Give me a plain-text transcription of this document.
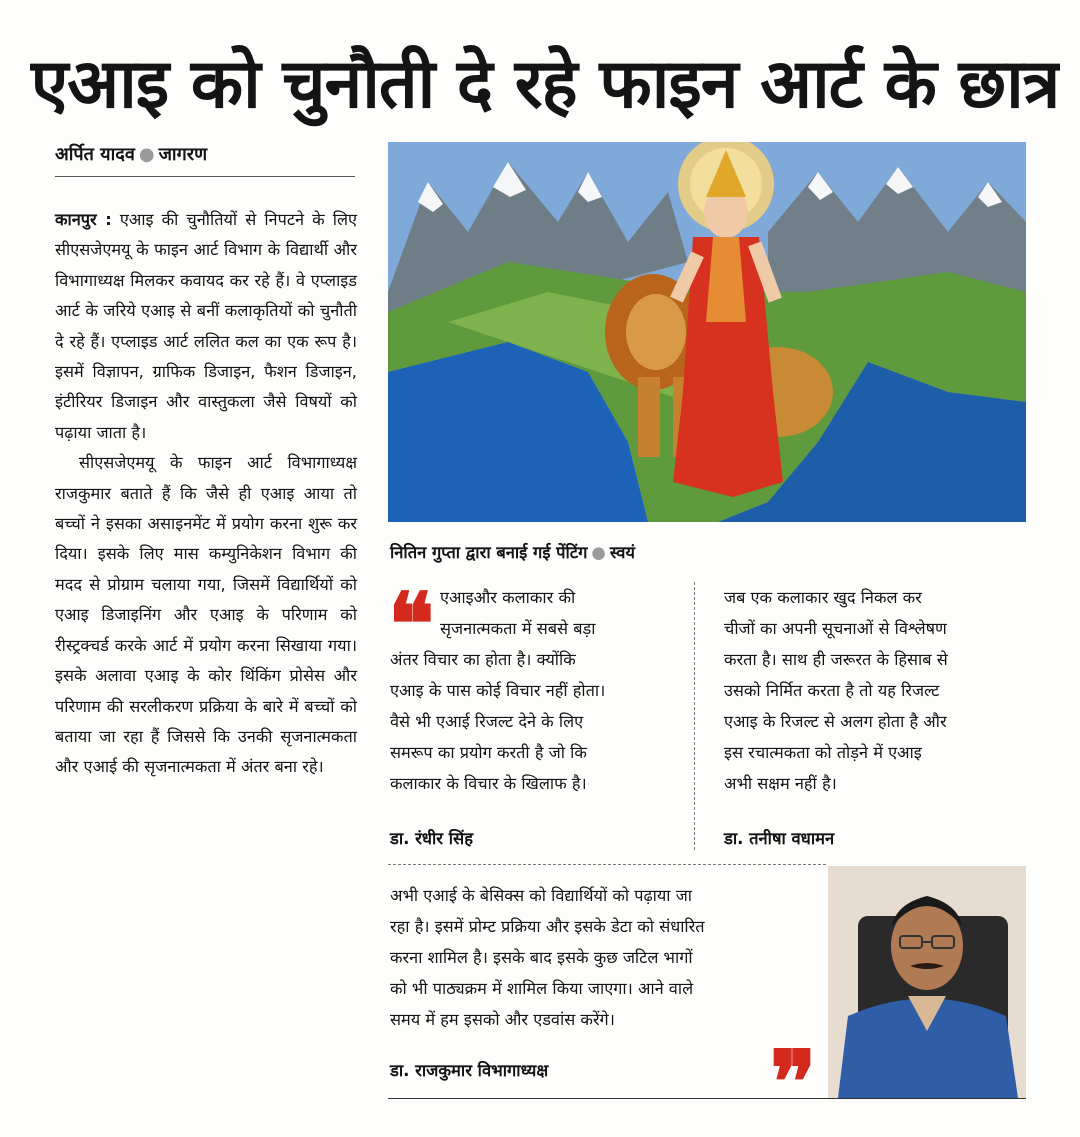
एआइ को चुनौती दे रहे फाइन आर्ट के छात्र
अर्पित यादव ● जागरण

कानपुर : एआइ की चुनौतियों से निपटने के लिए सीएसजेएमयू के फाइन आर्ट विभाग के विद्यार्थी और विभागाध्यक्ष मिलकर कवायद कर रहे हैं। वे एप्लाइड आर्ट के जरिये एआइ से बनीं कलाकृतियों को चुनौती दे रहे हैं। एप्लाइड आर्ट ललित कल का एक रूप है। इसमें विज्ञापन, ग्राफिक डिजाइन, फैशन डिजाइन, इंटीरियर डिजाइन और वास्तुकला जैसे विषयों को पढ़ाया जाता है।

सीएसजेएमयू के फाइन आर्ट विभागाध्यक्ष राजकुमार बताते हैं कि जैसे ही एआइ आया तो बच्चों ने इसका असाइनमेंट में प्रयोग करना शुरू कर दिया। इसके लिए मास कम्युनिकेशन विभाग की मदद से प्रोग्राम चलाया गया, जिसमें विद्यार्थियों को एआइ डिजाइनिंग और एआइ के परिणाम को रीस्ट्रक्चर्ड करके आर्ट में प्रयोग करना सिखाया गया। इसके अलावा एआइ के कोर थिंकिंग प्रोसेस और परिणाम की सरलीकरण प्रक्रिया के बारे में बच्चों को बताया जा रहा हैं जिससे कि उनकी सृजनात्मकता और एआई की सृजनात्मकता में अंतर बना रहे।

नितिन गुप्ता द्वारा बनाई गई पेंटिंग ● स्वयं
❝ एआइऔर कलाकार की
सृजनात्मकता में सबसे बड़ा
अंतर विचार का होता है। क्योंकि
एआइ के पास कोई विचार नहीं होता।
वैसे भी एआई रिजल्ट देने के लिए
समरूप का प्रयोग करती है जो कि
कलाकार के विचार के खिलाफ है।
डा. रंधीर सिंह
जब एक कलाकार खुद निकल कर
चीजों का अपनी सूचनाओं से विश्लेषण
करता है। साथ ही जरूरत के हिसाब से
उसको निर्मित करता है तो यह रिजल्ट
एआइ के रिजल्ट से अलग होता है और
इस रचात्मकता को तोड़ने में एआइ
अभी सक्षम नहीं है।
डा. तनीषा वधामन
अभी एआई के बेसिक्स को विद्यार्थियों को पढ़ाया जा
रहा है। इसमें प्रोम्ट प्रक्रिया और इसके डेटा को संधारित
करना शामिल है। इसके बाद इसके कुछ जटिल भागों
को भी पाठ्यक्रम में शामिल किया जाएगा। आने वाले
समय में हम इसको और एडवांस करेंगे।
डा. राजकुमार विभागाध्यक्ष	❞
